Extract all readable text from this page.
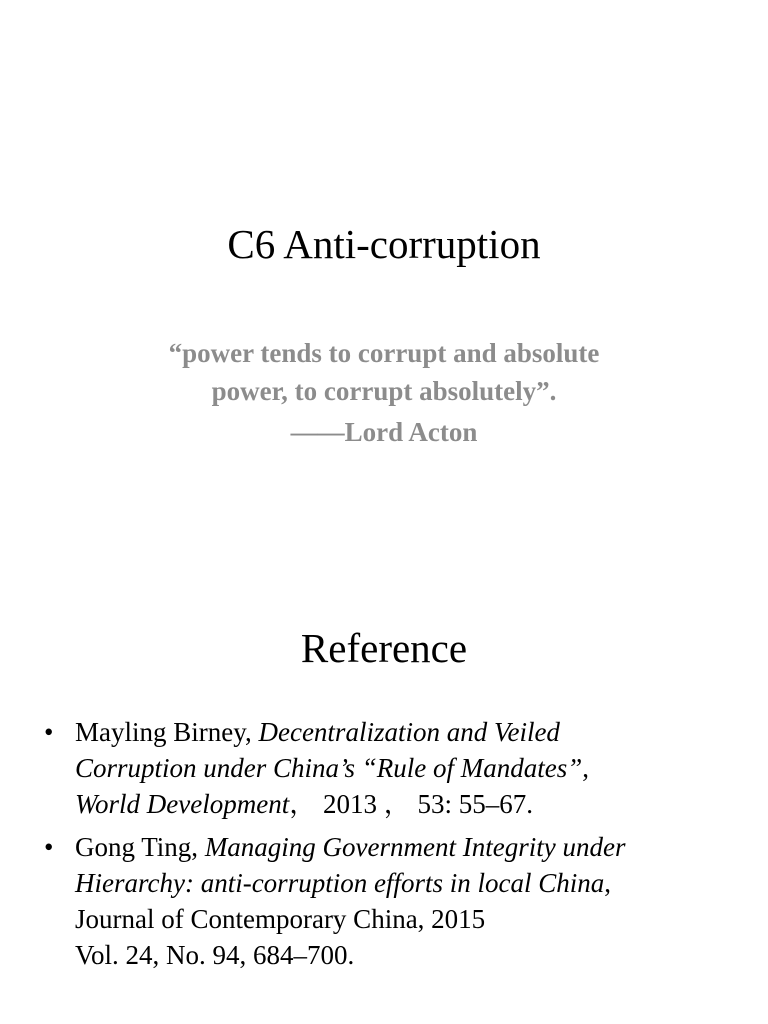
C6 Anti-corruption
“power tends to corrupt and absolute
power, to corrupt absolutely”.
——Lord Acton
Reference
• Mayling Birney, Decentralization and Veiled
Corruption under China’s “Rule of Mandates”,
World Development， 2013 ， 53: 55–67.
• Gong Ting, Managing Government Integrity under
Hierarchy: anti-corruption efforts in local China,
Journal of Contemporary China, 2015
Vol. 24, No. 94, 684–700.
